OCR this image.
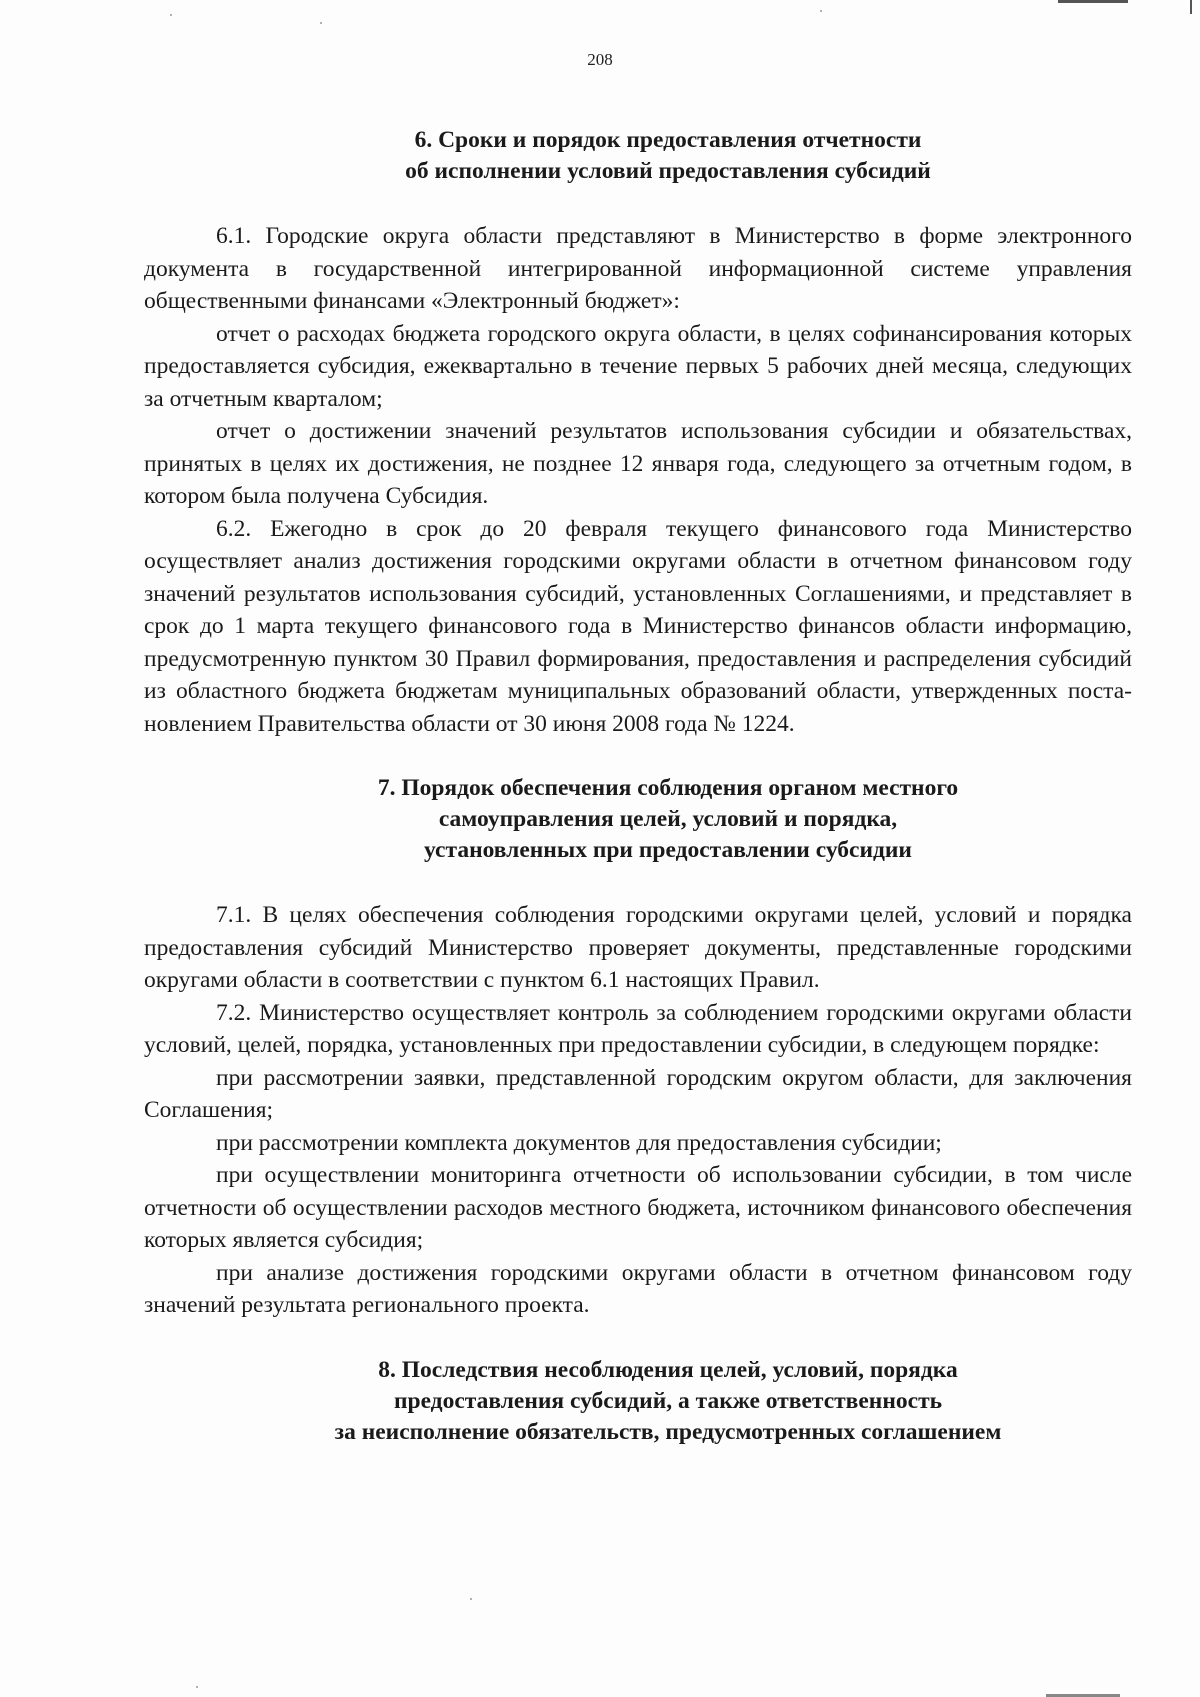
208
6. Сроки и порядок предоставления отчетности
об исполнении условий предоставления субсидий

6.1. Городские округа области представляют в Министерство в форме электронного документа в государственной интегрированной информационной системе управления общественными финансами «Электронный бюджет»:

отчет о расходах бюджета городского округа области, в целях софинансирования которых предоставляется субсидия, ежеквартально в течение первых 5 рабочих дней месяца, следующих за отчетным кварталом;

отчет о достижении значений результатов использования субсидии и обязательствах, принятых в целях их достижения, не позднее 12 января года, следующего за отчетным годом, в котором была получена Субсидия.

6.2. Ежегодно в срок до 20 февраля текущего финансового года Министерство осуществляет анализ достижения городскими округами области в отчетном финансовом году значений результатов использования субсидий, установленных Соглашениями, и представляет в срок до 1 марта текущего финансового года в Министерство финансов области информацию, предусмотренную пунктом 30 Правил формирования, предоставления и распределения субсидий из областного бюджета бюджетам муниципальных образований области, утвержденных постановлением Правительства области от 30 июня 2008 года № 1224.

7. Порядок обеспечения соблюдения органом местного
самоуправления целей, условий и порядка,
установленных при предоставлении субсидии

7.1. В целях обеспечения соблюдения городскими округами целей, условий и порядка предоставления субсидий Министерство проверяет документы, представленные городскими округами области в соответствии с пунктом 6.1 настоящих Правил.

7.2. Министерство осуществляет контроль за соблюдением городскими округами области условий, целей, порядка, установленных при предоставлении субсидии, в следующем порядке:

при рассмотрении заявки, представленной городским округом области, для заключения Соглашения;

при рассмотрении комплекта документов для предоставления субсидии;

при осуществлении мониторинга отчетности об использовании субсидии, в том числе отчетности об осуществлении расходов местного бюджета, источником финансового обеспечения которых является субсидия;

при анализе достижения городскими округами области в отчетном финансовом году значений результата регионального проекта.

8. Последствия несоблюдения целей, условий, порядка
предоставления субсидий, а также ответственность
за неисполнение обязательств, предусмотренных соглашением
